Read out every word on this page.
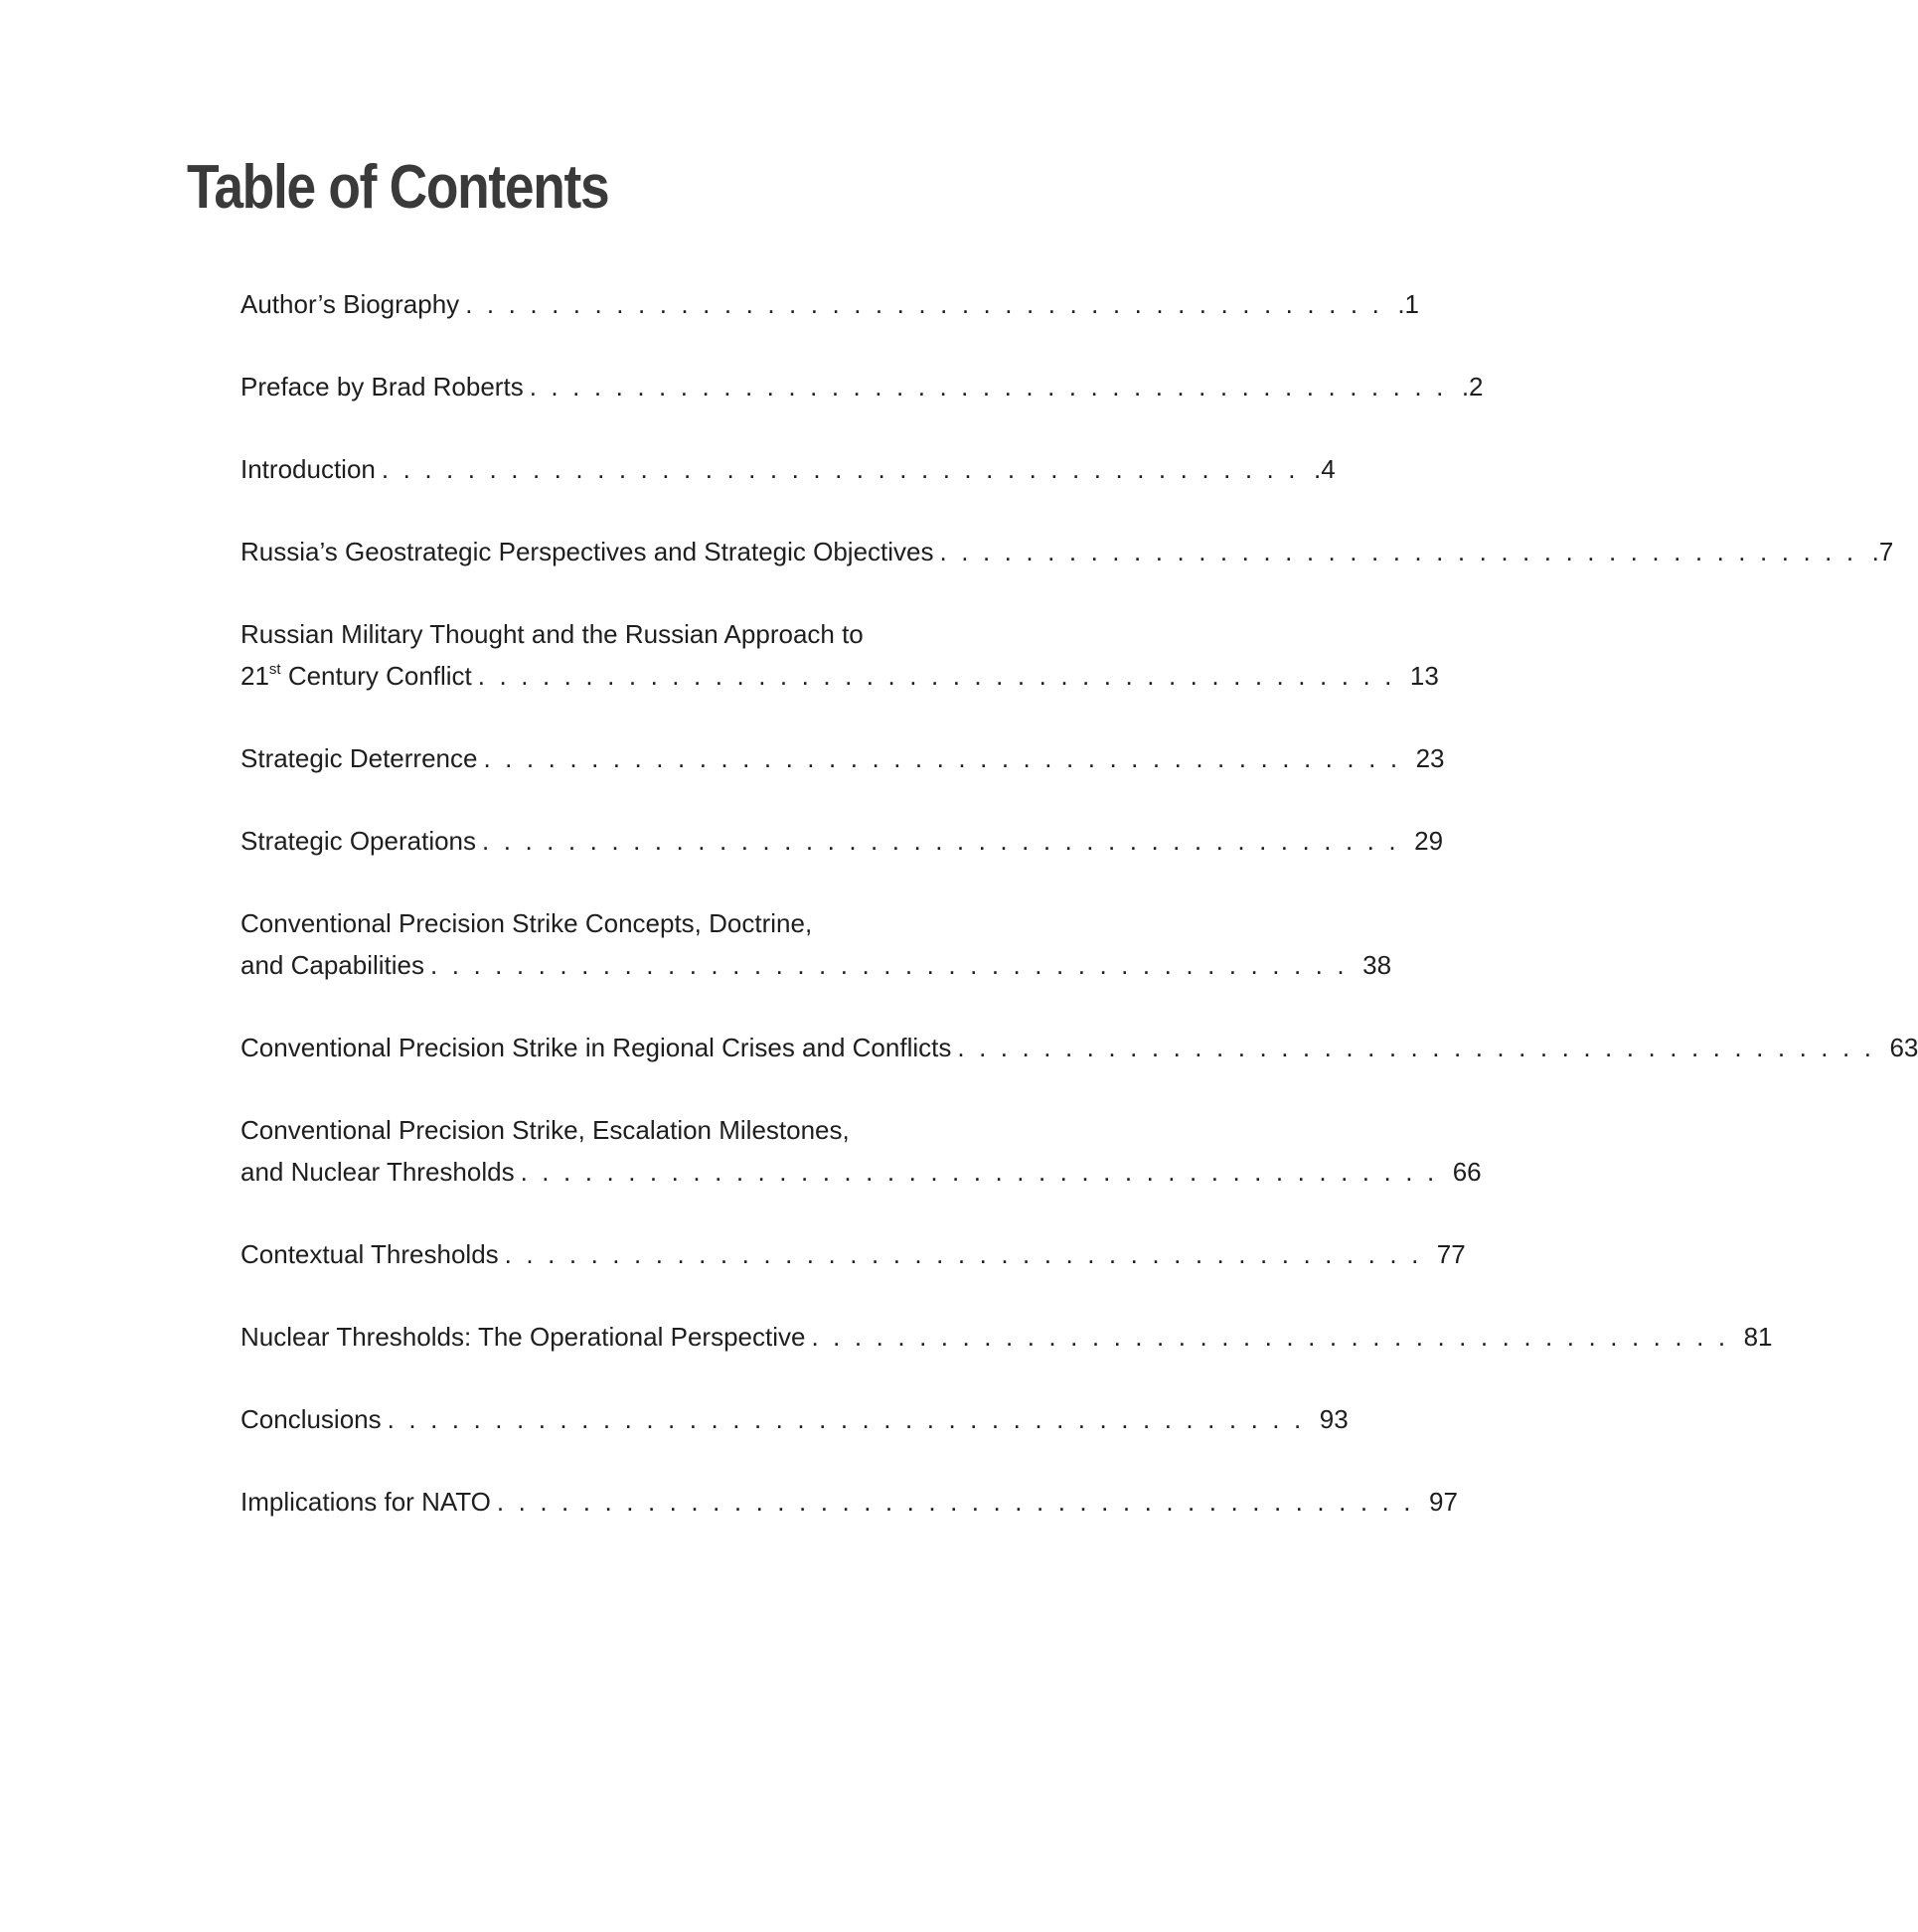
Table of Contents
Author’s Biography ........................................... .1
Preface by Brad Roberts ........................................... .2
Introduction ........................................... .4
Russia’s Geostrategic Perspectives and Strategic Objectives ........................................... .7
Russian Military Thought and the Russian Approach to
21st Century Conflict ........................................... 13
Strategic Deterrence ........................................... 23
Strategic Operations ........................................... 29
Conventional Precision Strike Concepts, Doctrine,
and Capabilities ........................................... 38
Conventional Precision Strike in Regional Crises and Conflicts ........................................... 63
Conventional Precision Strike, Escalation Milestones,
and Nuclear Thresholds ........................................... 66
Contextual Thresholds ........................................... 77
Nuclear Thresholds: The Operational Perspective ........................................... 81
Conclusions ........................................... 93
Implications for NATO ........................................... 97
